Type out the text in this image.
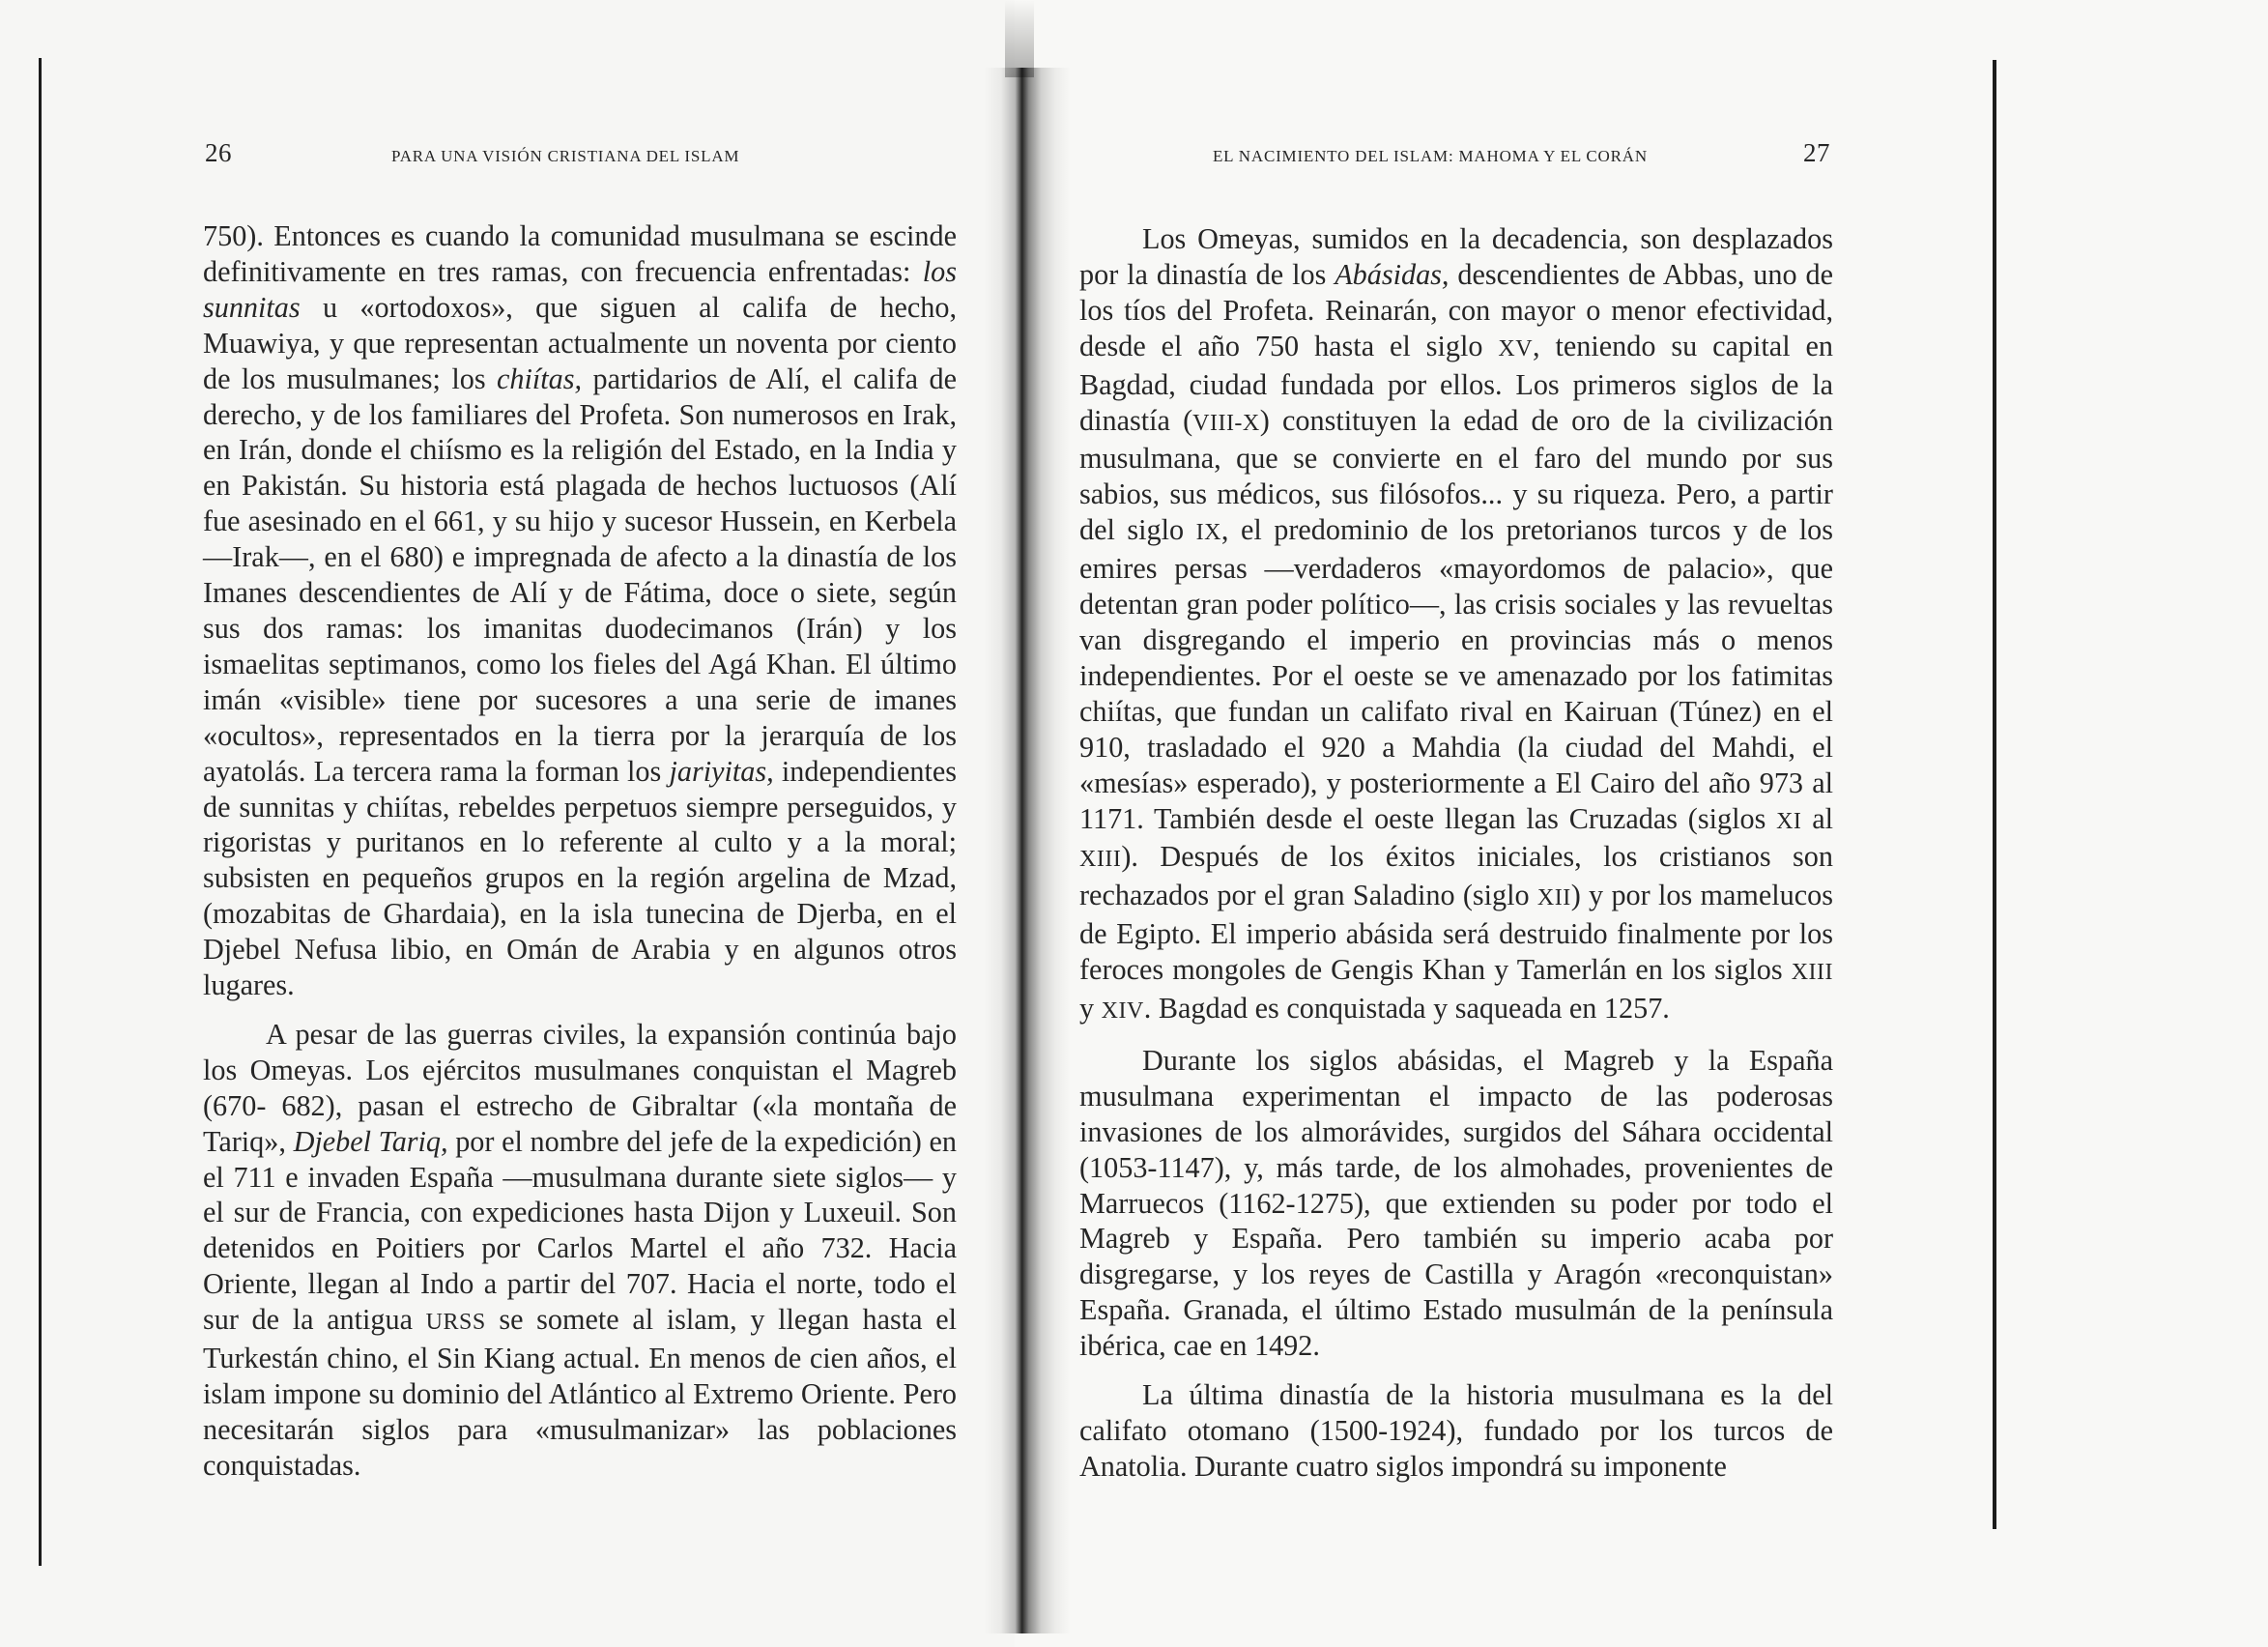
26	PARA UNA VISIÓN CRISTIANA DEL ISLAM

750). Entonces es cuando la comunidad musulmana se escinde definitivamente en tres ramas, con frecuencia enfrentadas: los sunnitas u «ortodoxos», que siguen al califa de hecho, Muawiya, y que representan actualmente un noventa por ciento de los musulmanes; los chiítas, partidarios de Alí, el califa de derecho, y de los familiares del Profeta. Son numerosos en Irak, en Irán, donde el chiísmo es la religión del Estado, en la India y en Pakistán. Su historia está plagada de hechos luctuosos (Alí fue asesinado en el 661, y su hijo y sucesor Hussein, en Kerbela —Irak—, en el 680) e impregnada de afecto a la dinastía de los Imanes descendientes de Alí y de Fátima, doce o siete, según sus dos ramas: los imanitas duodecimanos (Irán) y los ismaelitas septimanos, como los fieles del Agá Khan. El último imán «visible» tiene por sucesores a una serie de imanes «ocultos», representados en la tierra por la jerarquía de los ayatolás. La tercera rama la forman los jariyitas, independientes de sunnitas y chiítas, rebeldes perpetuos siempre perseguidos, y rigoristas y puritanos en lo referente al culto y a la moral; subsisten en pequeños grupos en la región argelina de Mzad, (mozabitas de Ghardaia), en la isla tunecina de Djerba, en el Djebel Nefusa libio, en Omán de Arabia y en algunos otros lugares.

A pesar de las guerras civiles, la expansión continúa bajo los Omeyas. Los ejércitos musulmanes conquistan el Magreb (670- 682), pasan el estrecho de Gibraltar («la montaña de Tariq», Djebel Tariq, por el nombre del jefe de la expedición) en el 711 e invaden España —musulmana durante siete siglos— y el sur de Francia, con expediciones hasta Dijon y Luxeuil. Son detenidos en Poitiers por Carlos Martel el año 732. Hacia Oriente, llegan al Indo a partir del 707. Hacia el norte, todo el sur de la antigua URSS se somete al islam, y llegan hasta el Turkestán chino, el Sin Kiang actual. En menos de cien años, el islam impone su dominio del Atlántico al Extremo Oriente. Pero necesitarán siglos para «musulmanizar» las poblaciones conquistadas.

EL NACIMIENTO DEL ISLAM: MAHOMA Y EL CORÁN	27

Los Omeyas, sumidos en la decadencia, son desplazados por la dinastía de los Abásidas, descendientes de Abbas, uno de los tíos del Profeta. Reinarán, con mayor o menor efectividad, desde el año 750 hasta el siglo XV, teniendo su capital en Bagdad, ciudad fundada por ellos. Los primeros siglos de la dinastía (VIII-X) constituyen la edad de oro de la civilización musulmana, que se convierte en el faro del mundo por sus sabios, sus médicos, sus filósofos... y su riqueza. Pero, a partir del siglo IX, el predominio de los pretorianos turcos y de los emires persas —verdaderos «mayordomos de palacio», que detentan gran poder político—, las crisis sociales y las revueltas van disgregando el imperio en provincias más o menos independientes. Por el oeste se ve amenazado por los fatimitas chiítas, que fundan un califato rival en Kairuan (Túnez) en el 910, trasladado el 920 a Mahdia (la ciudad del Mahdi, el «mesías» esperado), y posteriormente a El Cairo del año 973 al 1171. También desde el oeste llegan las Cruzadas (siglos XI al XIII). Después de los éxitos iniciales, los cristianos son rechazados por el gran Saladino (siglo XII) y por los mamelucos de Egipto. El imperio abásida será destruido finalmente por los feroces mongoles de Gengis Khan y Tamerlán en los siglos XIII y XIV. Bagdad es conquistada y saqueada en 1257.

Durante los siglos abásidas, el Magreb y la España musulmana experimentan el impacto de las poderosas invasiones de los almorávides, surgidos del Sáhara occidental (1053-1147), y, más tarde, de los almohades, provenientes de Marruecos (1162-1275), que extienden su poder por todo el Magreb y España. Pero también su imperio acaba por disgregarse, y los reyes de Castilla y Aragón «reconquistan» España. Granada, el último Estado musulmán de la península ibérica, cae en 1492.

La última dinastía de la historia musulmana es la del califato otomano (1500-1924), fundado por los turcos de Anatolia. Durante cuatro siglos impondrá su imponente
